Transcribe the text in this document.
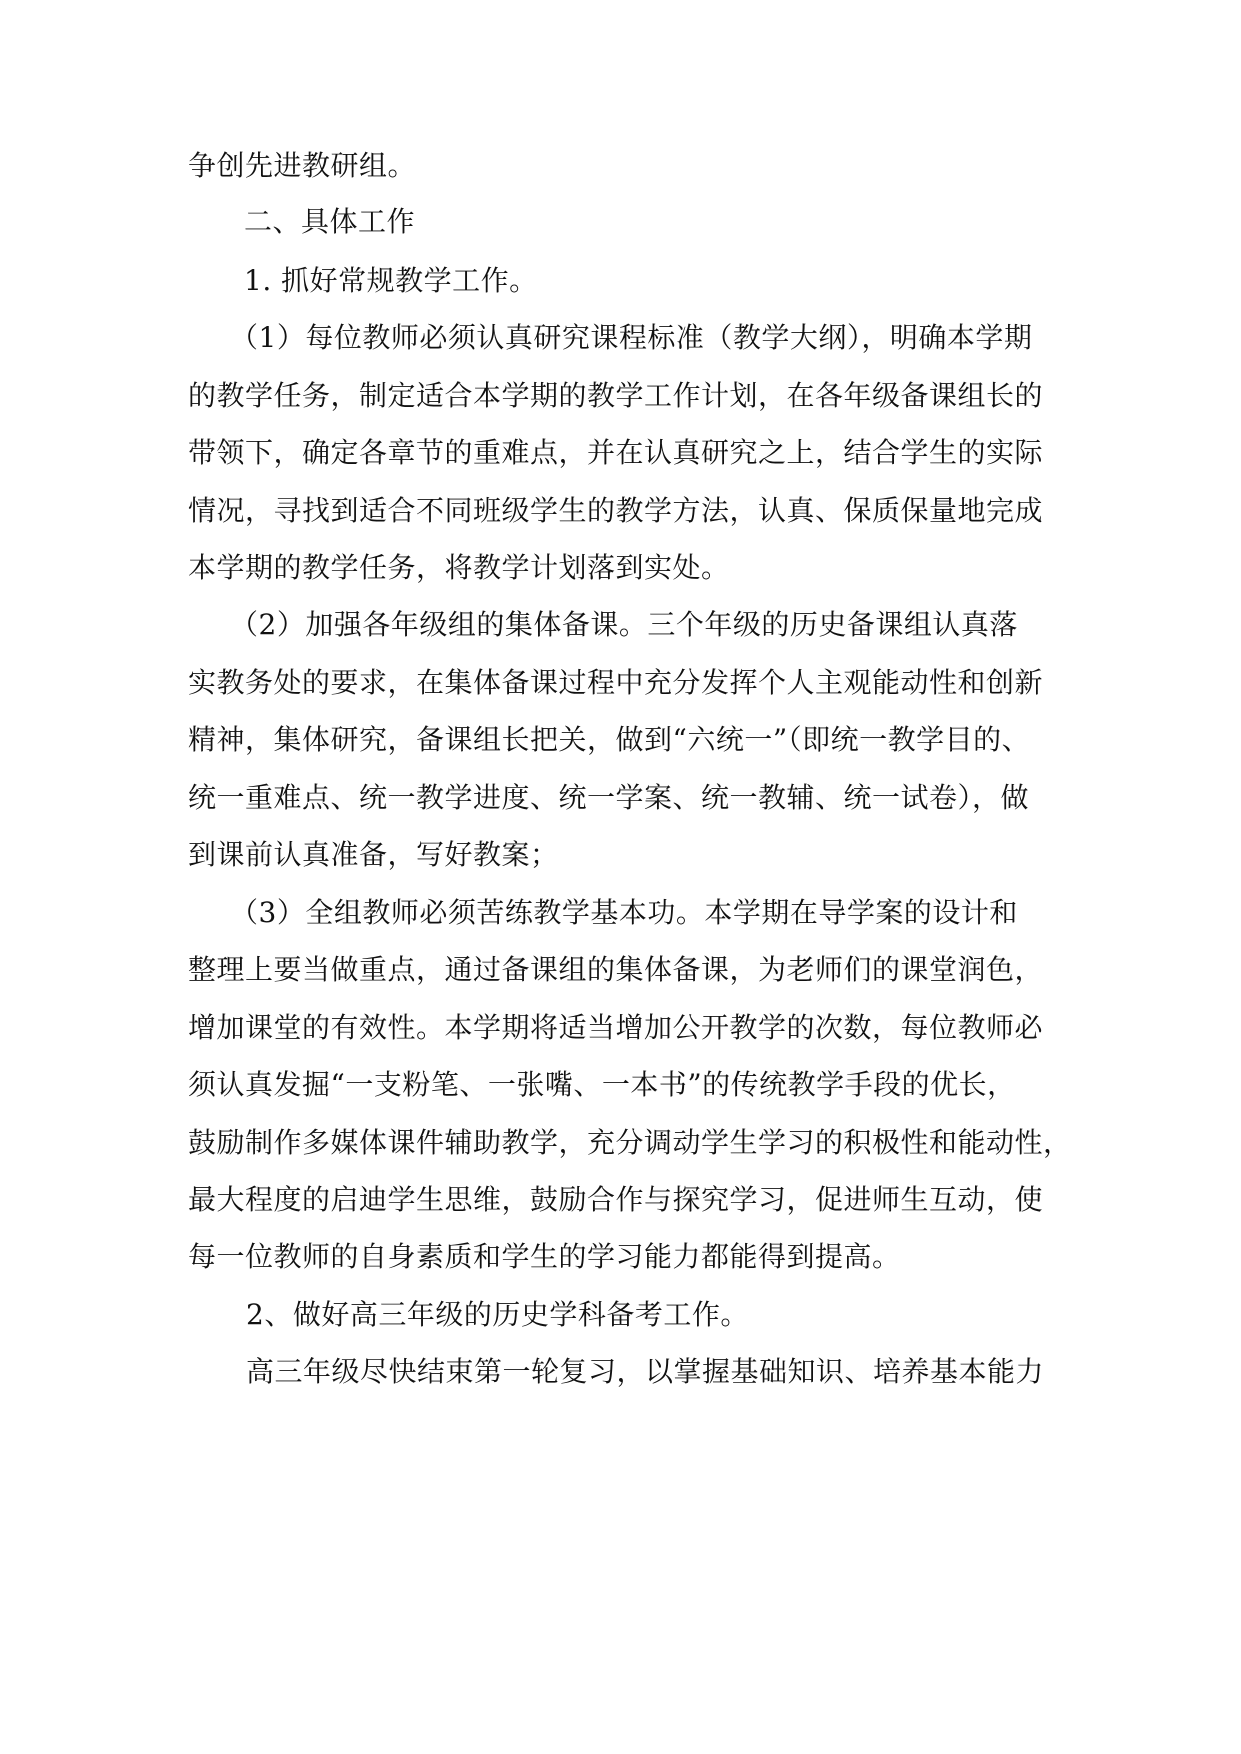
争创先进教研组。
二、具体工作
1. 抓好常规教学工作。
（1）每位教师必须认真研究课程标准（教学大纲），明确本学期
的教学任务，制定适合本学期的教学工作计划，在各年级备课组长的
带领下，确定各章节的重难点，并在认真研究之上，结合学生的实际
情况，寻找到适合不同班级学生的教学方法，认真、保质保量地完成
本学期的教学任务，将教学计划落到实处。
（2）加强各年级组的集体备课。三个年级的历史备课组认真落
实教务处的要求，在集体备课过程中充分发挥个人主观能动性和创新
精神，集体研究，备课组长把关，做到“六统一”（即统一教学目的、
统一重难点、统一教学进度、统一学案、统一教辅、统一试卷），做
到课前认真准备，写好教案；
（3）全组教师必须苦练教学基本功。本学期在导学案的设计和
整理上要当做重点，通过备课组的集体备课，为老师们的课堂润色，
增加课堂的有效性。本学期将适当增加公开教学的次数，每位教师必
须认真发掘“一支粉笔、一张嘴、一本书”的传统教学手段的优长，
鼓励制作多媒体课件辅助教学，充分调动学生学习的积极性和能动性，
最大程度的启迪学生思维，鼓励合作与探究学习，促进师生互动，使
每一位教师的自身素质和学生的学习能力都能得到提高。
2、做好高三年级的历史学科备考工作。
高三年级尽快结束第一轮复习，以掌握基础知识、培养基本能力
